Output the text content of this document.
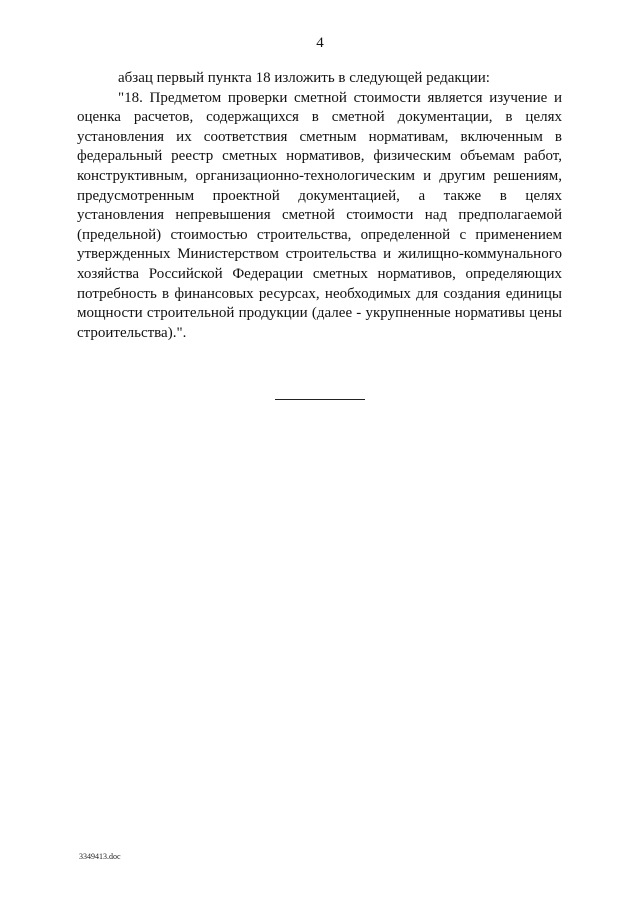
4
абзац первый пункта 18 изложить в следующей редакции:
"18. Предметом проверки сметной стоимости является изучение и
оценка расчетов, содержащихся в сметной документации, в целях
установления их соответствия сметным нормативам, включенным в
федеральный реестр сметных нормативов, физическим объемам работ,
конструктивным, организационно-технологическим и другим решениям,
предусмотренным проектной документацией, а также в целях
установления непревышения сметной стоимости над предполагаемой
(предельной) стоимостью строительства, определенной с применением
утвержденных Министерством строительства и жилищно-коммунального
хозяйства Российской Федерации сметных нормативов, определяющих
потребность в финансовых ресурсах, необходимых для создания единицы
мощности строительной продукции (далее - укрупненные нормативы цены
строительства).".
3349413.doc
